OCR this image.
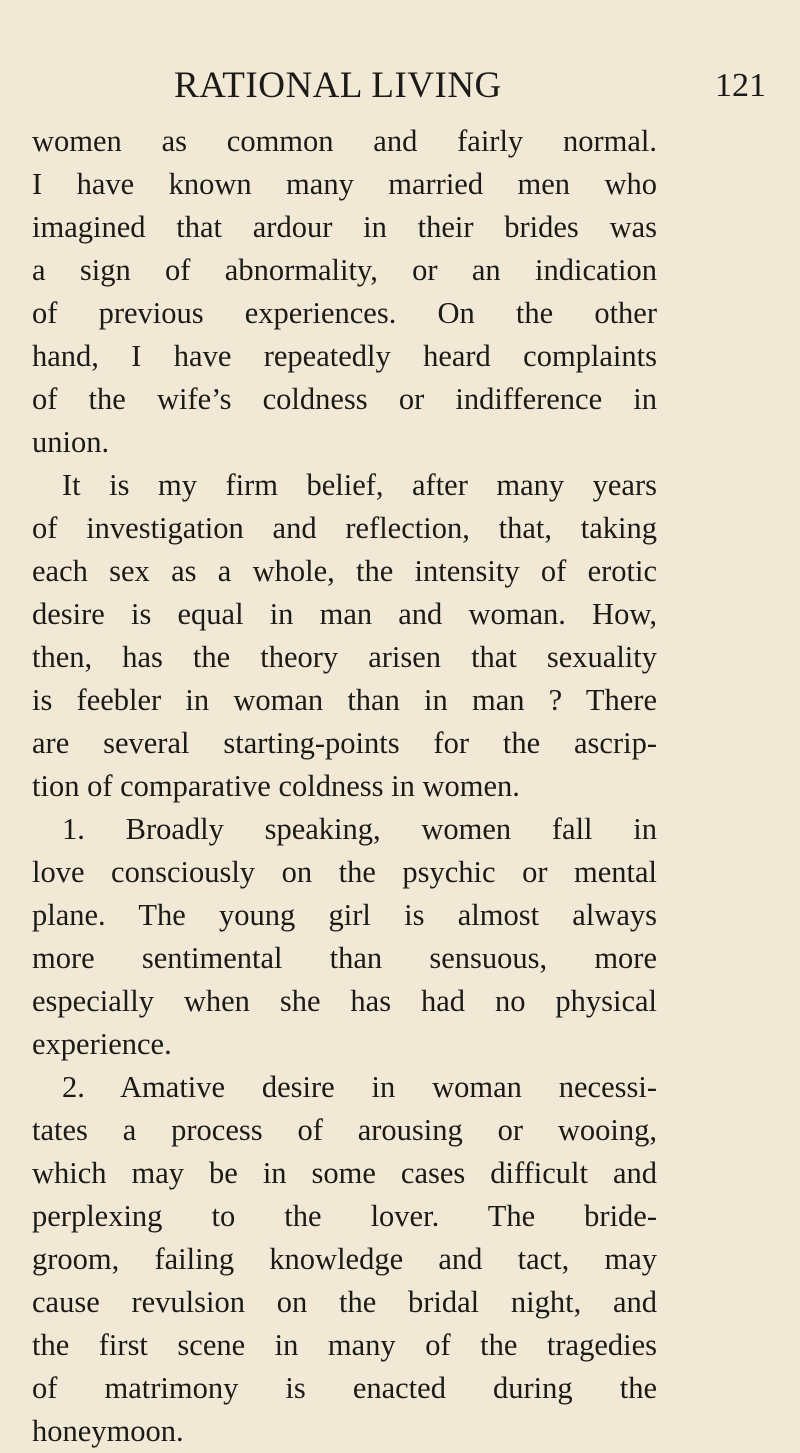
RATIONAL LIVING	121
women as common and fairly normal.
I have known many married men who
imagined that ardour in their brides was
a sign of abnormality, or an indication
of previous experiences. On the other
hand, I have repeatedly heard complaints
of the wife’s coldness or indifference in
union.
It is my firm belief, after many years
of investigation and reflection, that, taking
each sex as a whole, the intensity of erotic
desire is equal in man and woman. How,
then, has the theory arisen that sexuality
is feebler in woman than in man ? There
are several starting-points for the ascrip-
tion of comparative coldness in women.
1. Broadly speaking, women fall in
love consciously on the psychic or mental
plane. The young girl is almost always
more sentimental than sensuous, more
especially when she has had no physical
experience.
2. Amative desire in woman necessi-
tates a process of arousing or wooing,
which may be in some cases difficult and
perplexing to the lover. The bride-
groom, failing knowledge and tact, may
cause revulsion on the bridal night, and
the first scene in many of the tragedies
of matrimony is enacted during the
honeymoon.
